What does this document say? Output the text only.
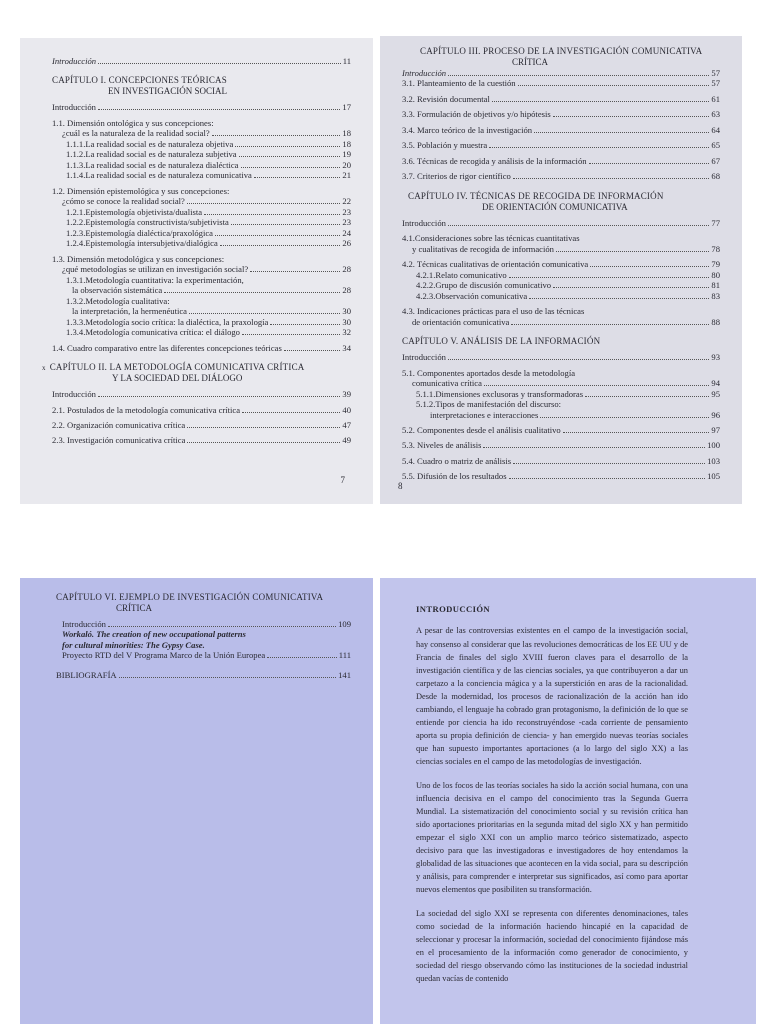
Introducción	11
CAPÍTULO I. CONCEPCIONES TEÓRICAS
EN INVESTIGACIÓN SOCIAL
Introducción	17
1.1. Dimensión ontológica y sus concepciones:
¿cuál es la naturaleza de la realidad social?	18
1.1.1.La realidad social es de naturaleza objetiva	18
1.1.2.La realidad social es de naturaleza subjetiva	19
1.1.3.La realidad social es de naturaleza dialéctica	20
1.1.4.La realidad social es de naturaleza comunicativa	21
1.2. Dimensión epistemológica y sus concepciones:
¿cómo se conoce la realidad social?	22
1.2.1.Epistemología objetivista/dualista	23
1.2.2.Epistemología constructivista/subjetivista	23
1.2.3.Epistemología dialéctica/praxológica	24
1.2.4.Epistemología intersubjetiva/dialógica	26
1.3. Dimensión metodológica y sus concepciones:
¿qué metodologías se utilizan en investigación social?	28
1.3.1.Metodología cuantitativa: la experimentación,
la observación sistemática	28
1.3.2.Metodología cualitativa:
la interpretación, la hermenéutica	30
1.3.3.Metodología socio crítica: la dialéctica, la praxología	30
1.3.4.Metodología comunicativa crítica: el diálogo	32
1.4. Cuadro comparativo entre las diferentes concepciones teóricas	34
x CAPÍTULO II. LA METODOLOGÍA COMUNICATIVA CRÍTICA
Y LA SOCIEDAD DEL DIÁLOGO
Introducción	39
2.1. Postulados de la metodología comunicativa crítica	40
2.2. Organización comunicativa crítica	47
2.3. Investigación comunicativa crítica	49
7
CAPÍTULO III. PROCESO DE LA INVESTIGACIÓN COMUNICATIVA
CRÍTICA
Introducción	57
3.1. Planteamiento de la cuestión	57
3.2. Revisión documental	61
3.3. Formulación de objetivos y/o hipótesis	63
3.4. Marco teórico de la investigación	64
3.5. Población y muestra	65
3.6. Técnicas de recogida y análisis de la información	67
3.7. Criterios de rigor científico	68
CAPÍTULO IV. TÉCNICAS DE RECOGIDA DE INFORMACIÓN
DE ORIENTACIÓN COMUNICATIVA
Introducción	77
4.1.Consideraciones sobre las técnicas cuantitativas
y cualitativas de recogida de información	78
4.2. Técnicas cualitativas de orientación comunicativa	79
4.2.1.Relato comunicativo	80
4.2.2.Grupo de discusión comunicativo	81
4.2.3.Observación comunicativa	83
4.3. Indicaciones prácticas para el uso de las técnicas
de orientación comunicativa	88
CAPÍTULO V. ANÁLISIS DE LA INFORMACIÓN
Introducción	93
5.1. Componentes aportados desde la metodología
comunicativa crítica	94
5.1.1.Dimensiones exclusoras y transformadoras	95
5.1.2.Tipos de manifestación del discurso:
interpretaciones e interacciones	96
5.2. Componentes desde el análisis cualitativo	97
5.3. Niveles de análisis	100
5.4. Cuadro o matriz de análisis	103
5.5. Difusión de los resultados	105
8
CAPÍTULO VI. EJEMPLO DE INVESTIGACIÓN COMUNICATIVA
CRÍTICA
Introducción	109
Workaló. The creation of new occupational patterns
for cultural minorities: The Gypsy Case.
Proyecto RTD del V Programa Marco de la Unión Europea	111
BIBLIOGRAFÍA	141
INTRODUCCIÓN

A pesar de las controversias existentes en el campo de la investigación social, hay consenso al considerar que las revoluciones democráticas de los EE UU y de Francia de finales del siglo XVIII fueron claves para el desarrollo de la investigación científica y de las ciencias sociales, ya que contribuyeron a dar un carpetazo a la conciencia mágica y a la superstición en aras de la racionalidad. Desde la modernidad, los procesos de racionalización de la acción han ido cambiando, el lenguaje ha cobrado gran protagonismo, la definición de lo que se entiende por ciencia ha ido reconstruyéndose -cada corriente de pensamiento aporta su propia definición de ciencia- y han emergido nuevas teorías sociales que han supuesto importantes aportaciones (a lo largo del siglo XX) a las ciencias sociales en el campo de las metodologías de investigación.

Uno de los focos de las teorías sociales ha sido la acción social humana, con una influencia decisiva en el campo del conocimiento tras la Segunda Guerra Mundial. La sistematización del conocimiento social y su revisión crítica han sido aportaciones prioritarias en la segunda mitad del siglo XX y han permitido empezar el siglo XXI con un amplio marco teórico sistematizado, aspecto decisivo para que las investigadoras e investigadores de hoy entendamos la globalidad de las situaciones que acontecen en la vida social, para su descripción y análisis, para comprender e interpretar sus significados, así como para aportar nuevos elementos que posibiliten su transformación.

La sociedad del siglo XXI se representa con diferentes denominaciones, tales como sociedad de la información haciendo hincapié en la capacidad de seleccionar y procesar la información, sociedad del conocimiento fijándose más en el procesamiento de la información como generador de conocimiento, y sociedad del riesgo observando cómo las instituciones de la sociedad industrial quedan vacías de contenido
